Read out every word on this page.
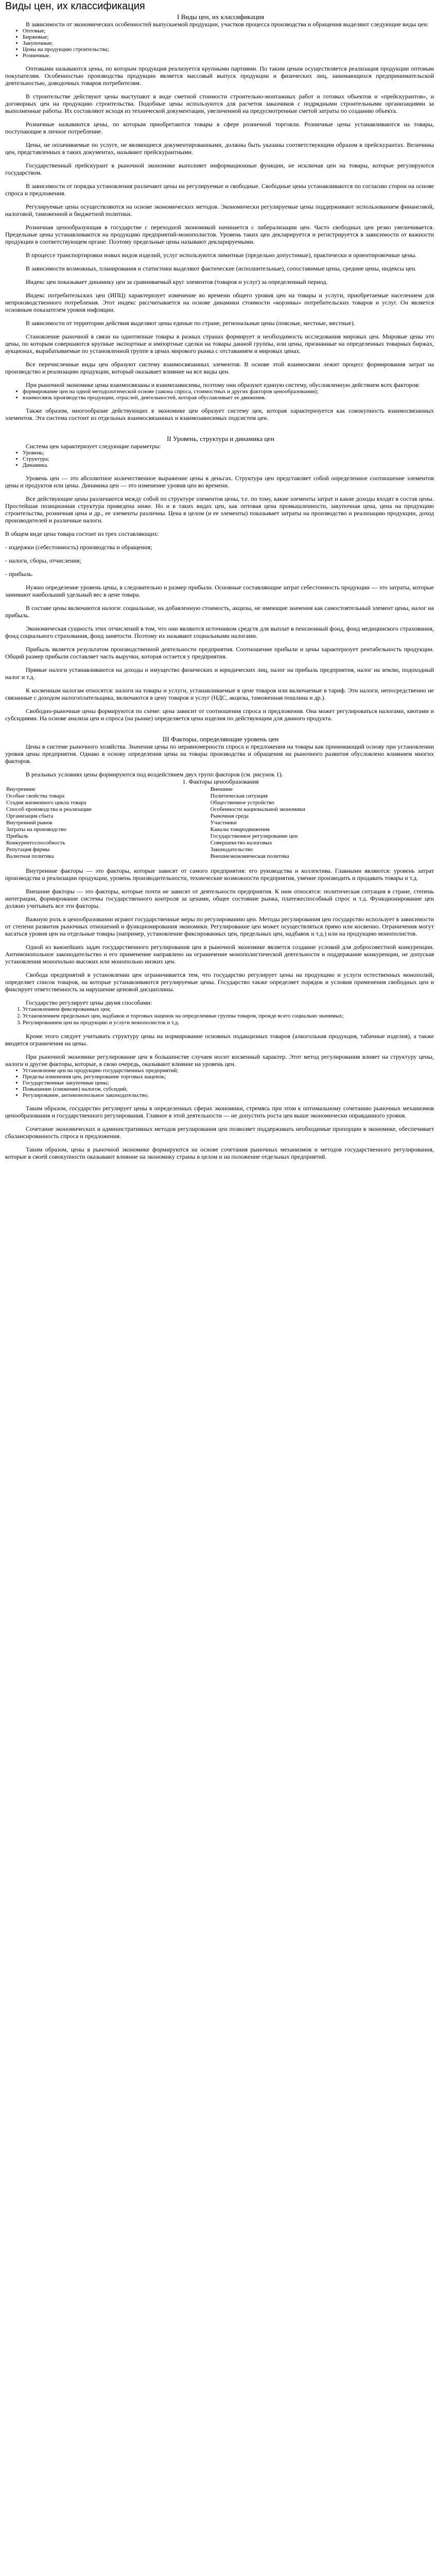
Виды цен, их классификация

I Виды цен, их классификация

В зависимости от экономических особенностей выпускаемой продукции, участков процесса производства и обращения выделяют следующие виды цен:

• Оптовые;
• Биржевые;
• Закупочные;
• Цены на продукцию строительства;
• Розничные.

Оптовыми называются цены, по которым продукция реализуется крупными партиями. По таким ценам осуществляется реализация продукции оптовым покупателям. Особенностью производства продукции является массовый выпуск продукции и физических лиц, занимающихся предпринимательской деятельностью, доводочных товаров потребителям.

В строительстве действуют цены выступают в виде сметной стоимости строительно-монтажных работ и готовых объектов и «прейскурантов», и договорных цен на продукцию строительства. Подобные цены используются для расчетов заказчиков с подрядными строительными организациями за выполненные работы. Их составляют исходя из технической документации, увеличенной на предусмотренные сметой затраты по созданию объекта.

Розничные называются цены, по которым приобретаются товары в сфере розничной торговли. Розничные цены устанавливаются на товары, поступающие в личное потребление.

Цены, не оплачиваемые по услуге, не являющиеся документированными, должны быть указаны соответствующим образом в прейскурантах. Величины цен, представленных в таких документах, называют прейскурантными.

Государственный прейскурант в рыночной экономике выполняет информационные функции, не исключая цен на товары, которые регулируются государством.

В зависимости от порядка установления различают цены на регулируемые и свободные. Свободные цены устанавливаются по согласию сторон на основе спроса и предложения.

Регулируемые цены осуществляются на основе экономических методов. Экономически регулируемые цены поддерживают использованием финансовой, налоговой, таможенной и бюджетной политики.

Розничная ценообразующая в государстве с переходной экономикой начинается с либерализации цен. Часто свободных цен резко увеличивается. Предельные цены устанавливаются на продукцию предприятий-монополистов. Уровень таких цен декларируется и регистрируется в зависимости от важности продукции в соответствующем органе. Поэтому предельные цены называют декларируемыми.

В процессе транспортировки новых видов изделий, услуг используются лимитные (предельно допустимые), практически и ориентировочные цены.

В зависимости возможных, планирования и статистики выделяют фактические (исполнительные), сопоставимые цены, средние цены, индексы цен.

Индекс цен показывает динамику цен за сравниваемый круг элементов (товаров и услуг) за определенный период.

Индекс потребительских цен (ИПЦ) характеризует изменение во времени общего уровня цен на товары и услуги, приобретаемые населением для непроизводственного потребления. Этот индекс рассчитывается на основе динамики стоимости «корзины» потребительских товаров и услуг. Он является основным показателем уровня инфляции.

В зависимости от территории действия выделяют цены единые по стране, региональные цены (поясные, местные, местные).

Становление рыночной в связи на однотипные товары в разных странах формирует и необходимость исследования мировых цен. Мировые цены это цены, по которым совершаются крупные экспортные и импортные сделки на товары данной группы, или цены, признанные на определенных товарных биржах, аукционах, вырабатываемые по установленной группе в ценах мирового рынка с отставанием и мировых ценах.

Все перечисленные виды цен образуют систему взаимосвязанных элементов. В основе этой взаимосвязи лежит процесс формирования затрат на производство и реализацию продукции, который оказывает влияние на все виды цен.

При рыночной экономике цены взаимосвязаны и взаимозависимы, поэтому они образуют единую систему, обусловленную действием всех факторов:

• формирование цен на одной методологической основе (закона спроса, стоимостных и других факторов ценообразования);
• взаимосвязь производства продукции, отраслей, деятельностей, которая обуславливает ее движения.

Также образом, многообразие действующих в экономике цен образует систему цен, которая характеризуется как совокупность взаимосвязанных элементов. Эта система состоит из отдельных взаимосвязанных и взаимозависимых подсистем цен.

II Уровень, структура и динамика цен

Система цен характеризует следующие параметры:

• Уровень;
• Структура;
• Динамика.

Уровень цен — это абсолютное количественное выражение цены в деньгах. Структура цен представляет собой определенное соотношение элементов цены и продуктов или цены. Динамика цен — это изменение уровня цен во времени.

Все действующие цены различаются между собой по структуре элементов цены, т.е. по тому, какие элементы затрат и какие доходы входят в состав цены. Простейшая позиционная структура приведена ниже. Но и в таких видах цен, как оптовая цена промышленности, закупочная цена, цена на продукцию строительства, розничная цена и др., ее элементы различны. Цена в целом (и ее элементы) показывает затраты на производство и реализацию продукции, доход производителей и различные налоги.

В общем виде цена товара состоит из трех составляющих:

- издержки (себестоимость) производства и обращения;

- налоги, сборы, отчисления;

- прибыль.

Нужно определение уровень цены, в следовательно и размер прибыли. Основные составляющие затрат себестоимость продукции — это затраты, которые занимают наибольший удельный вес в цене товара.

В составе цены включаются налоги: социальные, на добавленную стоимость, акцизы, не имеющие значения как самостоятельный элемент цены, налог на прибыль.

Экономическая сущность этих отчислений в том, что они являются источником средств для выплат в пенсионный фонд, фонд медицинского страхования, фонд социального страхования, фонд занятости. Поэтому их называют социальными налогами.

Прибыль является результатом производственной деятельности предприятия. Соотношение прибыли и цены характеризует рентабельность продукции. Общий размер прибыли составляет часть выручки, которая остается у предприятия.

Прямые налоги устанавливаются на доходы и имущество физических и юридических лиц, налог на прибыль предприятия, налог на землю, подоходный налог и т.д.

К косвенным налогам относятся: налоги на товары и услуги, устанавливаемые в цене товаров или включаемые в тариф. Эти налоги, непосредственно не связанные с доходом налогоплательщика, включаются в цену товаров и услуг (НДС, акцизы, таможенная пошлина и др.).

Свободно-рыночные цены формируются по схеме: цена зависит от соотношения спроса и предложения. Она может регулироваться налогами, квотами и субсидиями. На основе анализа цен и спроса (на рынке) определяется цена изделия по действующим для данного продукта.

III Факторы, определяющие уровень цен

Цены в системе рыночного хозяйства. Значения цены по неравномерности спроса и предложения на товары как принимающий основу при установлении уровня цены предприятия. Однако в основу определения цены на товары производства и обращения на рыночного развития обусловлено влиянием многих факторов.

В реальных условиях цены формируются под воздействием двух групп факторов (см. рисунок 1).

1. Факторы ценообразования

Внутренние	Внешние
Особые свойства товара	Политическая ситуация
Стадия жизненного цикла товара	Общественное устройство
Способ производства и реализации	Особенности национальной экономики
Организация сбыта	Рыночная среда
Внутренний рынок	Участники
Затраты на производство	Каналы товародвижения
Прибыль	Государственное регулирование цен
Конкурентоспособность	Совершенство налоговых
Репутация фирмы	Законодательство
Валютная политика	Внешнеэкономическая политика

Внутренние факторы — это факторы, которые зависят от самого предприятия: его руководства и коллектива. Главными являются: уровень затрат производства и реализации продукции, уровень производительности, технические возможности предприятия, умение производить и продавать товары и т.д.

Внешние факторы — это факторы, которые почти не зависят от деятельности предприятия. К ним относятся: политическая ситуация в стране, степень интеграции, формирование системы государственного контроля за ценами, общее состояние рынка, платежеспособный спрос и т.д. Функционирование цен должно учитывать все эти факторы.

Важную роль в ценообразовании играют государственные меры по регулированию цен. Методы регулирования цен государство использует в зависимости от степени развития рыночных отношений и функционирования экономики. Регулирование цен может осуществляться прямо или косвенно. Ограничения могут касаться уровня цен на отдельные товары (например, установление фиксированных цен, предельных цен, надбавок и т.д.) или на продукцию монополистов.

Одной из важнейших задач государственного регулирования цен в рыночной экономике является создание условий для добросовестной конкуренции. Антимонопольное законодательство и его применение направлено на ограничение монополистической деятельности и поддержание конкуренции, не допуская установления монопольно высоких или монопольно низких цен.

Свобода предприятий в установлении цен ограничивается тем, что государство регулирует цены на продукцию и услуги естественных монополий, определяет список товаров, на которые устанавливаются регулируемые цены. Государство также определяет порядок и условия применения свободных цен и фиксирует ответственность за нарушение ценовой дисциплины.

Государство регулирует цены двумя способами:

1. Установлением фиксированных цен;
2. Установлением предельных цен, надбавок и торговых наценок на определенные группы товаров, прежде всего социально значимых;
3. Регулированием цен на продукцию и услуги монополистов и т.д.

Кроме этого следует учитывать структуру цены на нормирование основных подакцизных товаров (алкогольная продукция, табачные изделия), а также вводятся ограничения на цены.

При рыночной экономике регулирование цен в большинстве случаев носит косвенный характер. Этот метод регулирования влияет на структуру цены, налоги и другие факторы, которые, в свою очередь, оказывают влияние на уровень цен.

• Установление цен на продукцию государственных предприятий;
• Пределы изменения цен, регулирование торговых наценок;
• Государственные закупочные цены;
• Повышение (снижение) налогов, субсидий;
• Регулирование, антимонопольное законодательство.

Таким образом, государство регулирует цены в определенных сферах экономики, стремясь при этом к оптимальному сочетанию рыночных механизмов ценообразования и государственного регулирования. Главное в этой деятельности — не допустить роста цен выше экономически оправданного уровня.

Сочетание экономических и административных методов регулирования цен позволяет поддерживать необходимые пропорции в экономике, обеспечивает сбалансированность спроса и предложения.

Таким образом, цены в рыночной экономике формируются на основе сочетания рыночных механизмов и методов государственного регулирования, которые в своей совокупности оказывают влияние на экономику страны в целом и на положение отдельных предприятий.
